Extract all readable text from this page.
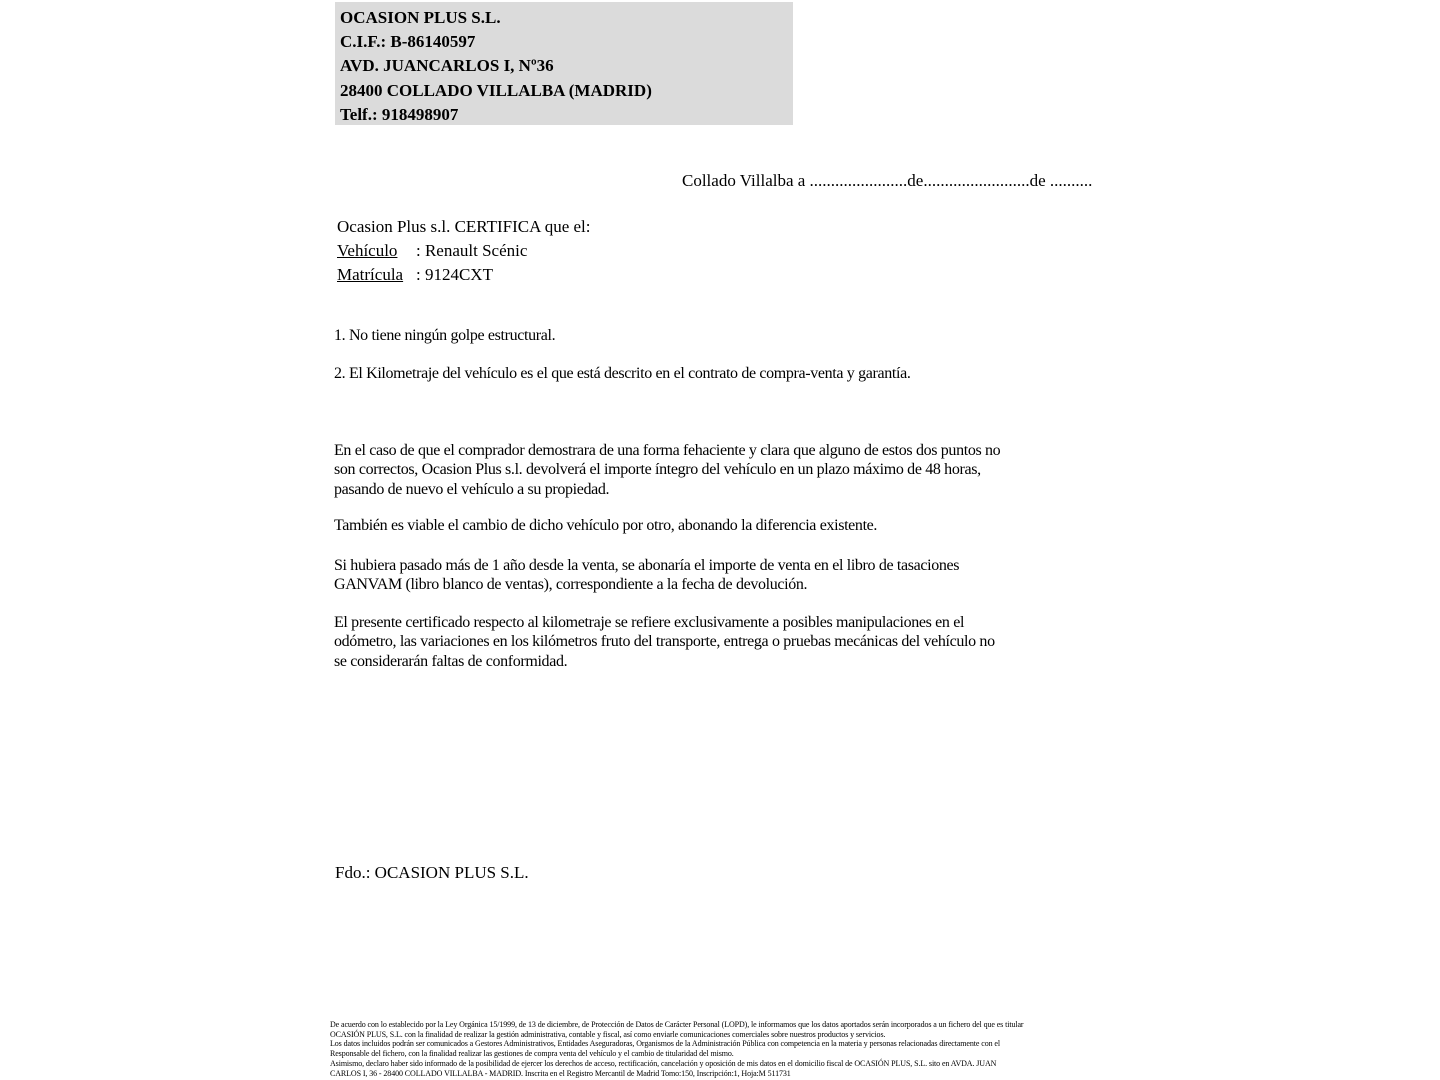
OCASION PLUS S.L.
C.I.F.: B-86140597
AVD. JUANCARLOS I, Nº36
28400 COLLADO VILLALBA (MADRID)
Telf.: 918498907
Collado Villalba a .......................de.........................de ..........
Ocasion Plus s.l. CERTIFICA que el:
Vehículo	: Renault Scénic
Matrícula : 9124CXT
1. No tiene ningún golpe estructural.
2. El Kilometraje del vehículo es el que está descrito en el contrato de compra-venta y garantía.
En el caso de que el comprador demostrara de una forma fehaciente y clara que alguno de estos dos puntos no
son correctos, Ocasion Plus s.l. devolverá el importe íntegro del vehículo en un plazo máximo de 48 horas,
pasando de nuevo el vehículo a su propiedad.
También es viable el cambio de dicho vehículo por otro, abonando la diferencia existente.
Si hubiera pasado más de 1 año desde la venta, se abonaría el importe de venta en el libro de tasaciones
GANVAM (libro blanco de ventas), correspondiente a la fecha de devolución.
El presente certificado respecto al kilometraje se refiere exclusivamente a posibles manipulaciones en el
odómetro, las variaciones en los kilómetros fruto del transporte, entrega o pruebas mecánicas del vehículo no
se considerarán faltas de conformidad.
Fdo.: OCASION PLUS S.L.
De acuerdo con lo establecido por la Ley Orgánica 15/1999, de 13 de diciembre, de Protección de Datos de Carácter Personal (LOPD), le informamos que los datos aportados serán incorporados a un fichero del que es titular
OCASIÓN PLUS, S.L. con la finalidad de realizar la gestión administrativa, contable y fiscal, así como enviarle comunicaciones comerciales sobre nuestros productos y servicios.
Los datos incluidos podrán ser comunicados a Gestores Administrativos, Entidades Aseguradoras, Organismos de la Administración Pública con competencia en la materia y personas relacionadas directamente con el
Responsable del fichero, con la finalidad realizar las gestiones de compra venta del vehículo y el cambio de titularidad del mismo.
Asimismo, declaro haber sido informado de la posibilidad de ejercer los derechos de acceso, rectificación, cancelación y oposición de mis datos en el domicilio fiscal de OCASIÓN PLUS, S.L. sito en AVDA. JUAN
CARLOS I, 36 - 28400 COLLADO VILLALBA - MADRID. Inscrita en el Registro Mercantil de Madrid Tomo:150, Inscripción:1, Hoja:M 511731
